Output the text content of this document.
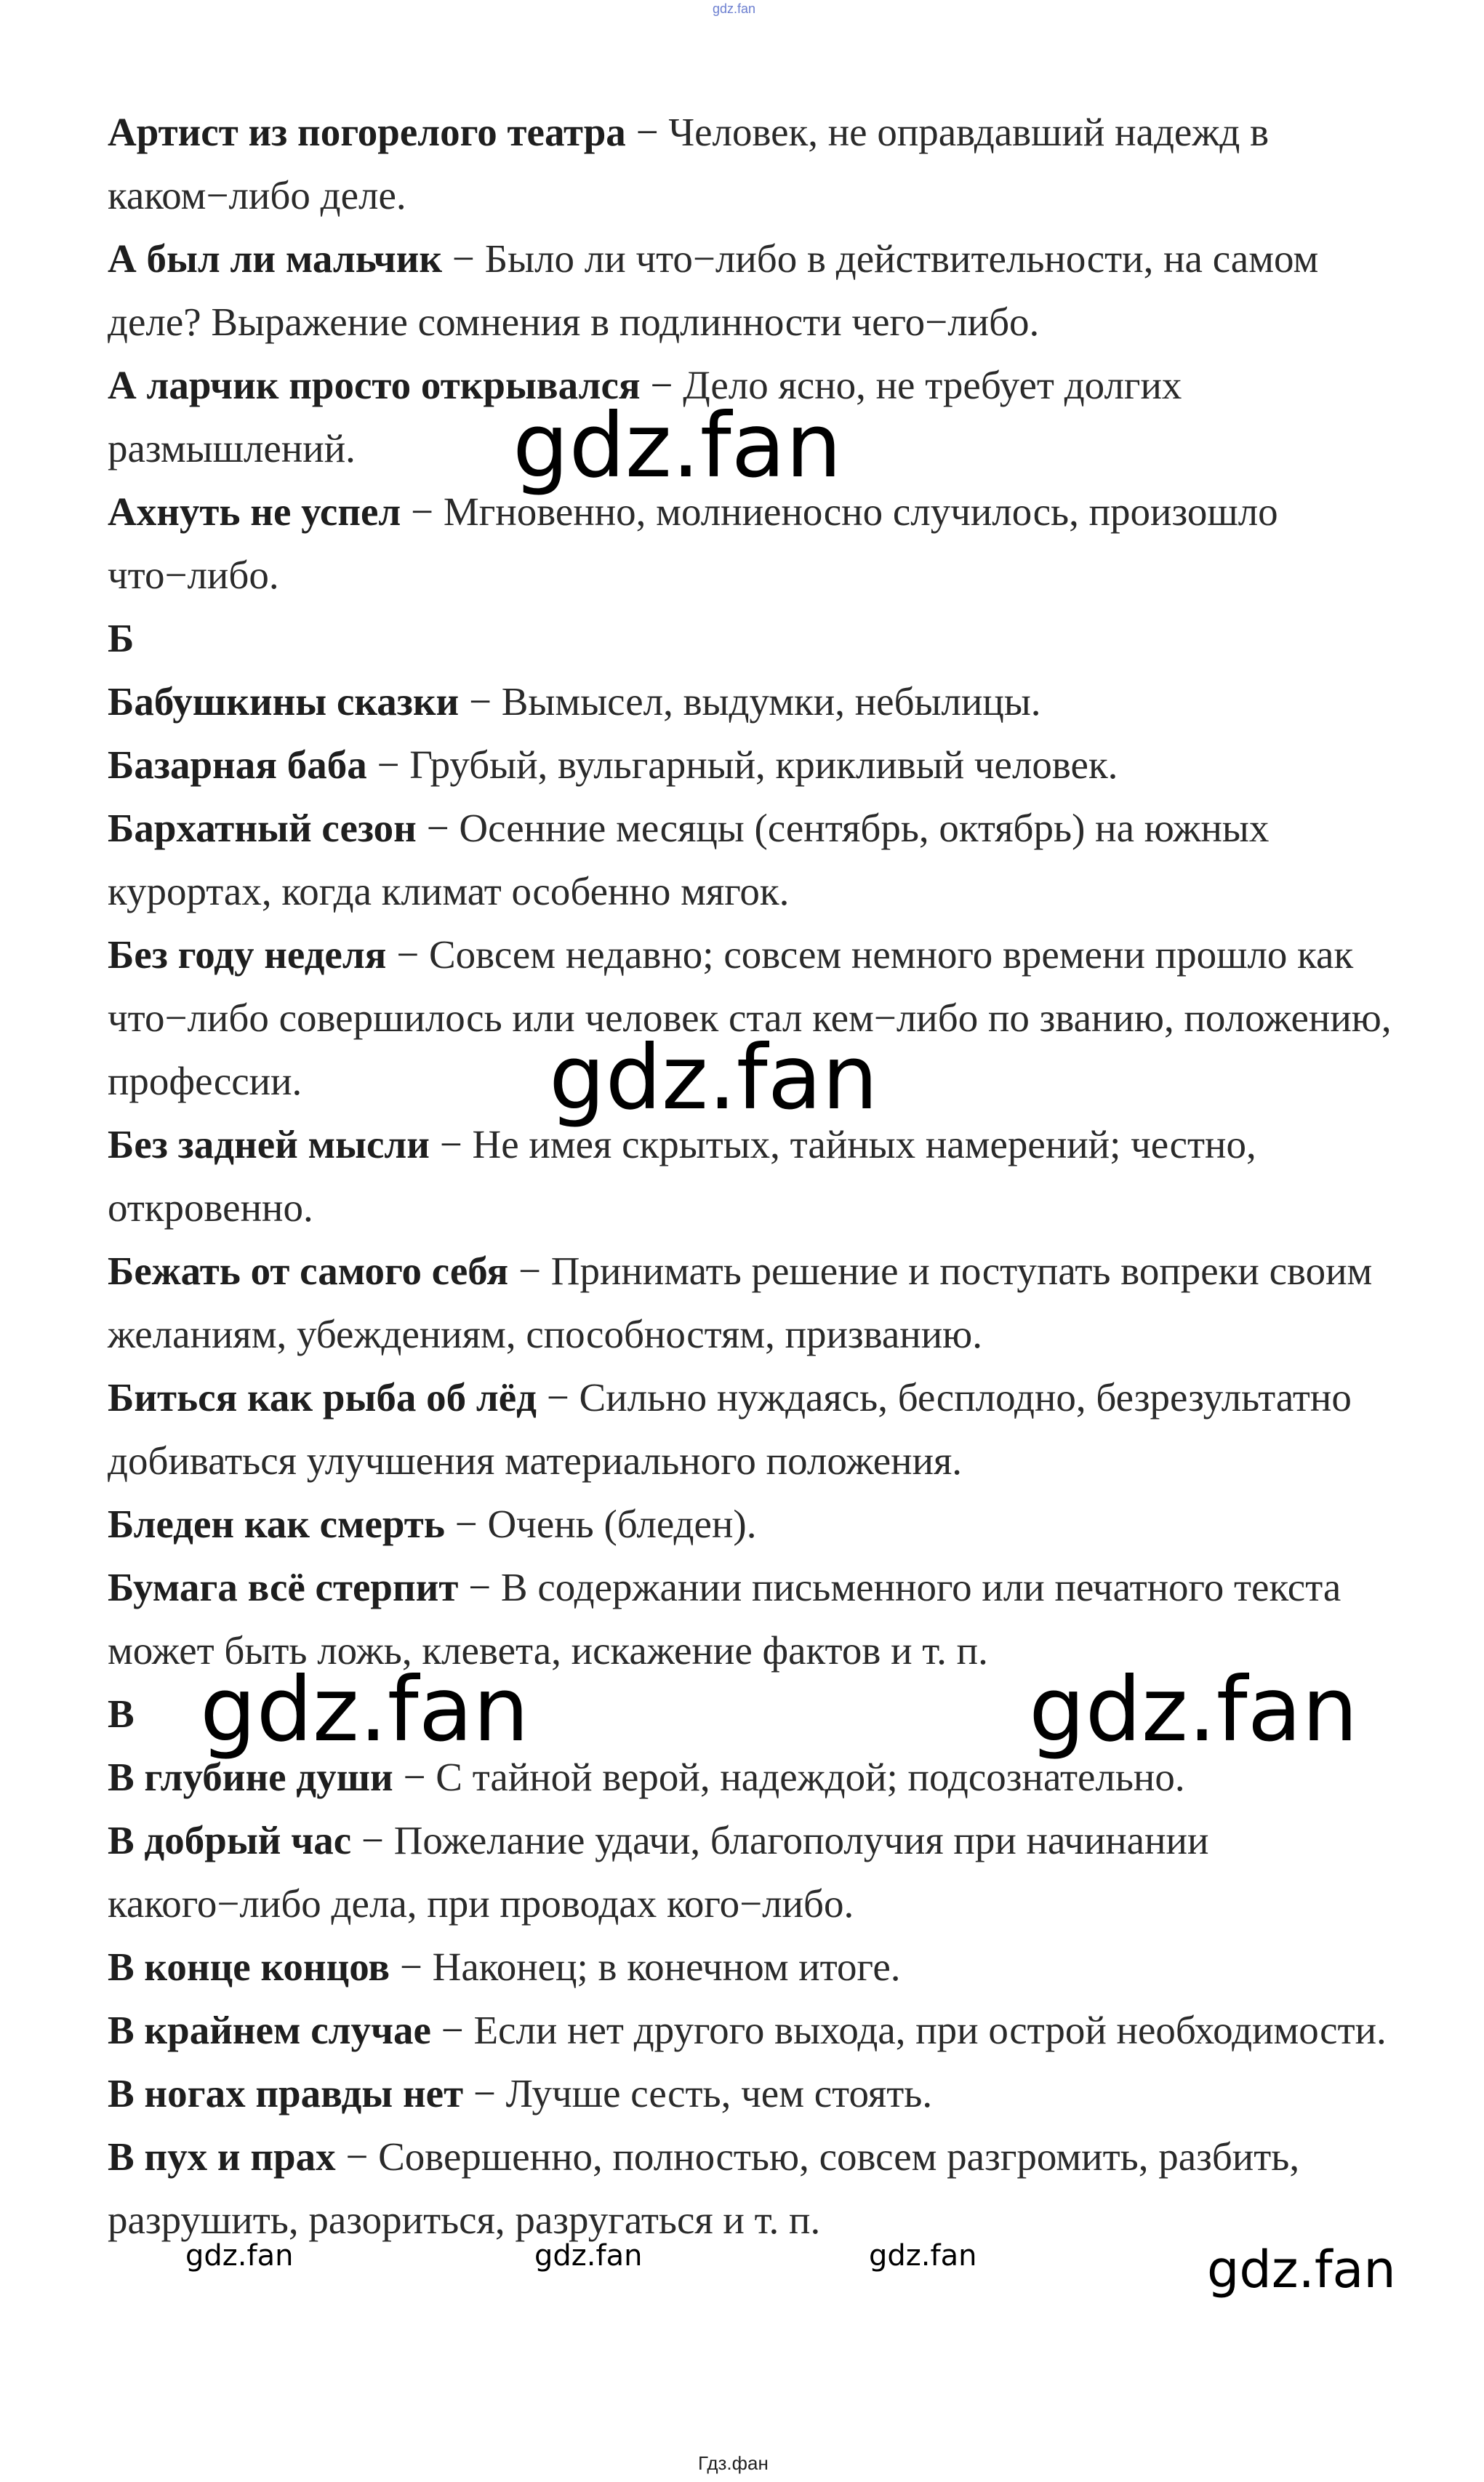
gdz.fan

Артист из погорелого театра − Человек, не оправдавший надежд в каком−либо деле.

А был ли мальчик − Было ли что−либо в действительности, на самом деле? Выражение сомнения в подлинности чего−либо.

А ларчик просто открывался − Дело ясно, не требует долгих размышлений.

Ахнуть не успел − Мгновенно, молниеносно случилось, произошло что−либо.

Б

Бабушкины сказки − Вымысел, выдумки, небылицы.

Базарная баба − Грубый, вульгарный, крикливый человек.

Бархатный сезон − Осенние месяцы (сентябрь, октябрь) на южных курортах, когда климат особенно мягок.

Без году неделя − Совсем недавно; совсем немного времени прошло как что−либо совершилось или человек стал кем−либо по званию, положению, профессии.

Без задней мысли − Не имея скрытых, тайных намерений; честно, откровенно.

Бежать от самого себя − Принимать решение и поступать вопреки своим желаниям, убеждениям, способностям, призванию.

Биться как рыба об лёд − Сильно нуждаясь, бесплодно, безрезультатно добиваться улучшения материального положения.

Бледен как смерть − Очень (бледен).

Бумага всё стерпит − В содержании письменного или печатного текста может быть ложь, клевета, искажение фактов и т. п.

В

В глубине души − С тайной верой, надеждой; подсознательно.

В добрый час − Пожелание удачи, благополучия при начинании какого−либо дела, при проводах кого−либо.

В конце концов − Наконец; в конечном итоге.

В крайнем случае − Если нет другого выхода, при острой необходимости.

В ногах правды нет − Лучше сесть, чем стоять.

В пух и прах − Совершенно, полностью, совсем разгромить, разбить, разрушить, разориться, разругаться и т. п.

gdz.fan
gdz.fan
gdz.fan	gdz.fan
gdz.fan
gdz.fan	gdz.fan	gdz.fan
Гдз.фан
